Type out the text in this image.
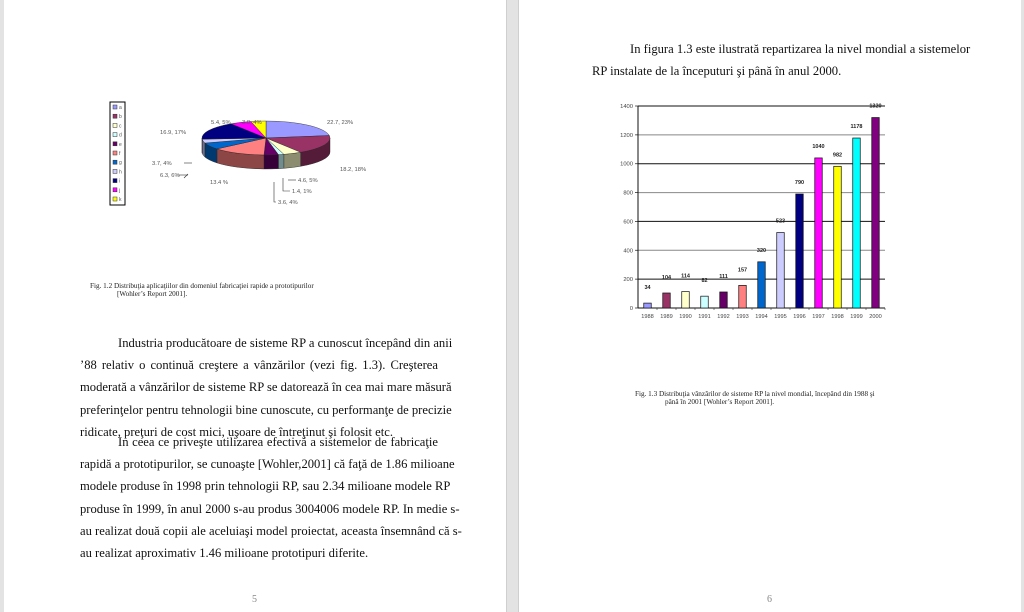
a
b
c
d
e
f
g
h
i
j
k
22.7, 23%
18.2, 18%
4.6, 5%
1.4, 1%
3.6, 4%
13.4 %
6.3, 6%
3.7, 4%
16.9, 17%
5.4, 5% 3.8, 4%
Fig. 1.2 Distribuţia aplicaţiilor din domeniul fabricaţiei rapide a prototipurilor
[Wohler’s Report 2001].
Industria producătoare de sisteme RP a cunoscut începând din anii
’88 relativ o continuă creştere a vânzărilor (vezi fig. 1.3). Creşterea
moderată a vânzărilor de sisteme RP se datorează în cea mai mare măsură
preferinţelor pentru tehnologii bine cunoscute, cu performanţe de precizie
ridicate, preţuri de cost mici, uşoare de întreţinut şi folosit etc.
In ceea ce priveşte utilizarea efectivă a sistemelor de fabricaţie
rapidă a prototipurilor, se cunoaşte [Wohler,2001] că faţă de 1.86 milioane
modele produse în 1998 prin tehnologii RP, sau 2.34 milioane modele RP
produse în 1999, în anul 2000 s-au produs 3004006 modele RP. In medie s-
au realizat două copii ale aceluiaşi model proiectat, aceasta însemnând că s-
au realizat aproximativ 1.46 milioane prototipuri diferite.
5
In figura 1.3 este ilustrată repartizarea la nivel mondial a sistemelor
RP instalate de la începuturi şi până în anul 2000.
0
200
400
600
800
1000
1200
1400
34
1988
104
1989
114
1990
82
1991
111
1992
157
1993
320
1994
523
1995
790
1996
1040
1997
982
1998
1178
1999
1320
2000
Fig. 1.3 Distribuţia vânzărilor de sisteme RP la nivel mondial, începând din 1988 şi
până în 2001 [Wohler’s Report 2001].
6
